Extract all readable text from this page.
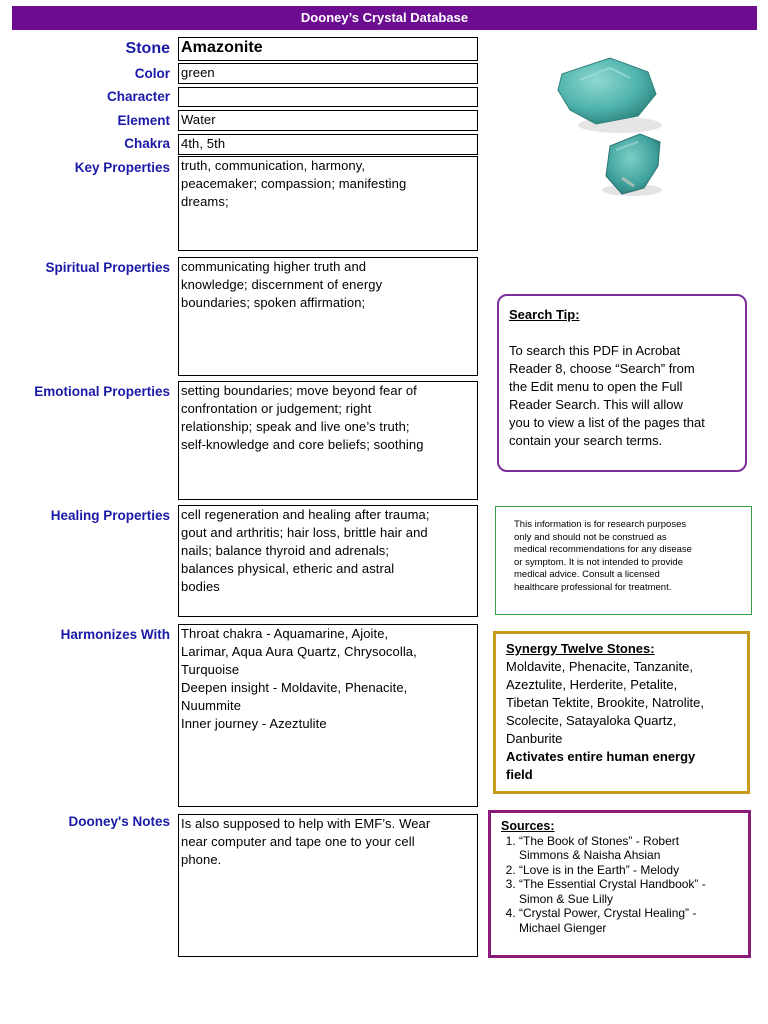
Dooney’s Crystal Database
Stone
Color
Character
Element
Chakra
Key Properties
Spiritual Properties
Emotional Properties
Healing Properties
Harmonizes With
Dooney's Notes
Amazonite
green
Water
4th, 5th
truth, communication, harmony,
peacemaker; compassion; manifesting
dreams;
communicating higher truth and
knowledge; discernment of energy
boundaries; spoken affirmation;
setting boundaries; move beyond fear of
confrontation or judgement; right
relationship; speak and live one’s truth;
self-knowledge and core beliefs; soothing
cell regeneration and healing after trauma;
gout and arthritis; hair loss, brittle hair and
nails; balance thyroid and adrenals;
balances physical, etheric and astral
bodies
Throat chakra - Aquamarine, Ajoite,
Larimar, Aqua Aura Quartz, Chrysocolla,
Turquoise
Deepen insight - Moldavite, Phenacite,
Nuummite
Inner journey - Azeztulite
Is also supposed to help with EMF’s. Wear
near computer and tape one to your cell
phone.
Search Tip:
To search this PDF in Acrobat
Reader 8, choose “Search” from
the Edit menu to open the Full
Reader Search. This will allow
you to view a list of the pages that
contain your search terms.
This information is for research purposes
only and should not be construed as
medical recommendations for any disease
or symptom. It is not intended to provide
medical advice. Consult a licensed
healthcare professional for treatment.
Synergy Twelve Stones:
Moldavite, Phenacite, Tanzanite,
Azeztulite, Herderite, Petalite,
Tibetan Tektite, Brookite, Natrolite,
Scolecite, Satayaloka Quartz,
Danburite
Activates entire human energy
field
Sources:
1. “The Book of Stones” - Robert
Simmons & Naisha Ahsian
2. “Love is in the Earth” - Melody
3. “The Essential Crystal Handbook” -
Simon & Sue Lilly
4. “Crystal Power, Crystal Healing” -
Michael Gienger
